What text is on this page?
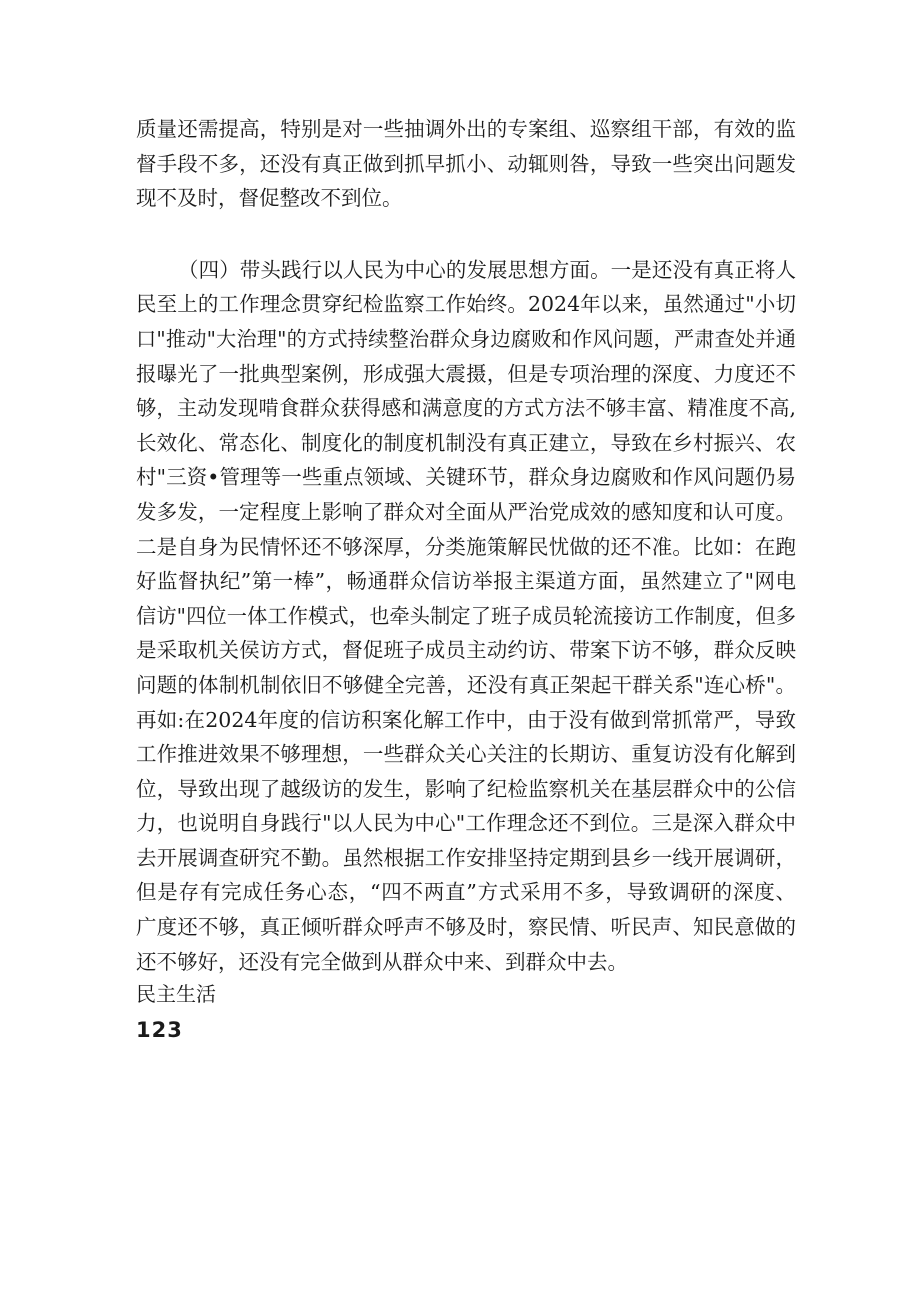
质量还需提高，特别是对一些抽调外出的专案组、巡察组干部，有效的监
督手段不多，还没有真正做到抓早抓小、动辄则咎，导致一些突出问题发
现不及时，督促整改不到位。
（四）带头践行以人民为中心的发展思想方面。一是还没有真正将人
民至上的工作理念贯穿纪检监察工作始终。2024年以来，虽然通过"小切
口"推动"大治理"的方式持续整治群众身边腐败和作风问题，严肃查处并通
报曝光了一批典型案例，形成强大震摄，但是专项治理的深度、力度还不
够，主动发现啃食群众获得感和满意度的方式方法不够丰富、精准度不高,
长效化、常态化、制度化的制度机制没有真正建立，导致在乡村振兴、农
村"三资•管理等一些重点领域、关键环节，群众身边腐败和作风问题仍易
发多发，一定程度上影响了群众对全面从严治党成效的感知度和认可度。
二是自身为民情怀还不够深厚，分类施策解民忧做的还不准。比如：在跑
好监督执纪”第一棒”，畅通群众信访举报主渠道方面，虽然建立了"网电
信访"四位一体工作模式，也牵头制定了班子成员轮流接访工作制度，但多
是采取机关侯访方式，督促班子成员主动约访、带案下访不够，群众反映
问题的体制机制依旧不够健全完善，还没有真正架起干群关系"连心桥"。
再如:在2024年度的信访积案化解工作中，由于没有做到常抓常严，导致
工作推进效果不够理想，一些群众关心关注的长期访、重复访没有化解到
位，导致出现了越级访的发生，影响了纪检监察机关在基层群众中的公信
力，也说明自身践行"以人民为中心"工作理念还不到位。三是深入群众中
去开展调查研究不勤。虽然根据工作安排坚持定期到县乡一线开展调研，
但是存有完成任务心态，“四不两直”方式采用不多，导致调研的深度、
广度还不够，真正倾听群众呼声不够及时，察民情、听民声、知民意做的
还不够好，还没有完全做到从群众中来、到群众中去。
民主生活
123
